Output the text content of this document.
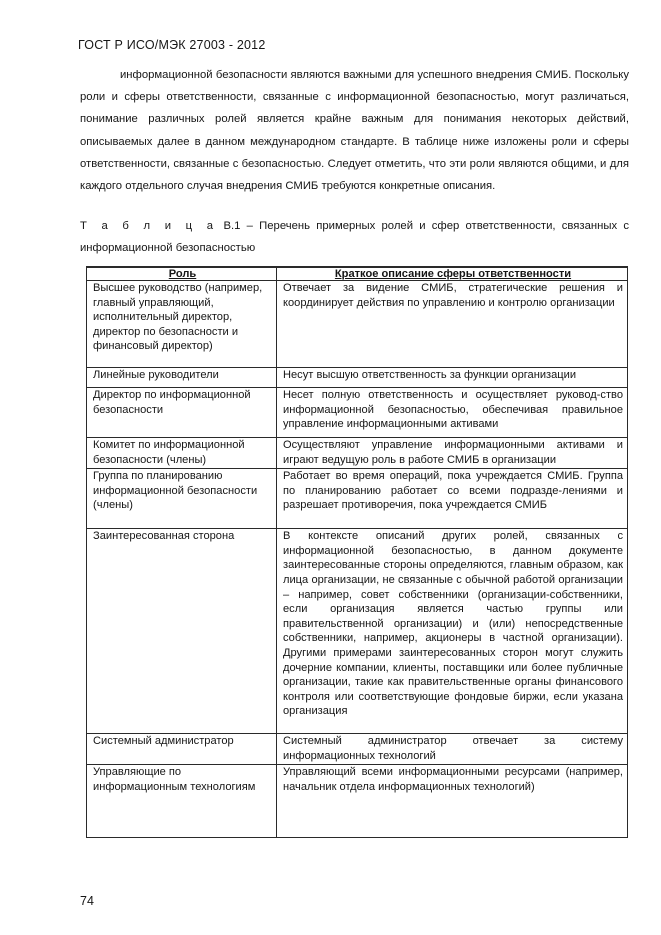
ГОСТ Р ИСО/МЭК 27003 - 2012

информационной безопасности являются важными для успешного внедрения СМИБ. Поскольку роли и сферы ответственности, связанные с информационной безопасностью, могут различаться, понимание различных ролей является крайне важным для понимания некоторых действий, описываемых далее в данном международном стандарте. В таблице ниже изложены роли и сферы ответственности, связанные с безопасностью. Следует отметить, что эти роли являются общими, и для каждого отдельного случая внедрения СМИБ требуются конкретные описания.

Т а б л и ц а В.1 – Перечень примерных ролей и сфер ответственности, связанных с информационной безопасностью
Роль	Краткое описание сферы ответственности
Высшее руководство (например, главный управляющий, исполнительный директор, директор по безопасности и финансовый директор)	Отвечает за видение СМИБ, стратегические решения и координирует действия по управлению и контролю организации
Линейные руководители	Несут высшую ответственность за функции организации
Директор по информационной безопасности	Несет полную ответственность и осуществляет руковод-ство информационной безопасностью, обеспечивая правильное управление информационными активами
Комитет по информационной безопасности (члены)	Осуществляют управление информационными активами и играют ведущую роль в работе СМИБ в организации
Группа по планированию информационной безопасности (члены)	Работает во время операций, пока учреждается СМИБ. Группа по планированию работает со всеми подразде-лениями и разрешает противоречия, пока учреждается СМИБ
Заинтересованная сторона	В контексте описаний других ролей, связанных с информационной безопасностью, в данном документе заинтересованные стороны определяются, главным образом, как лица организации, не связанные с обычной работой организации – например, совет собственники (организации-собственники, если организация является частью группы или правительственной организации) и (или) непосредственные собственники, например, акционеры в частной организации). Другими примерами заинтересованных сторон могут служить дочерние компании, клиенты, поставщики или более публичные организации, такие как правительственные органы финансового контроля или соответствующие фондовые биржи, если указана организация
Системный администратор	Системный администратор отвечает за систему информационных технологий
Управляющие по информационным технологиям	Управляющий всеми информационными ресурсами (например, начальник отдела информационных технологий)
74
